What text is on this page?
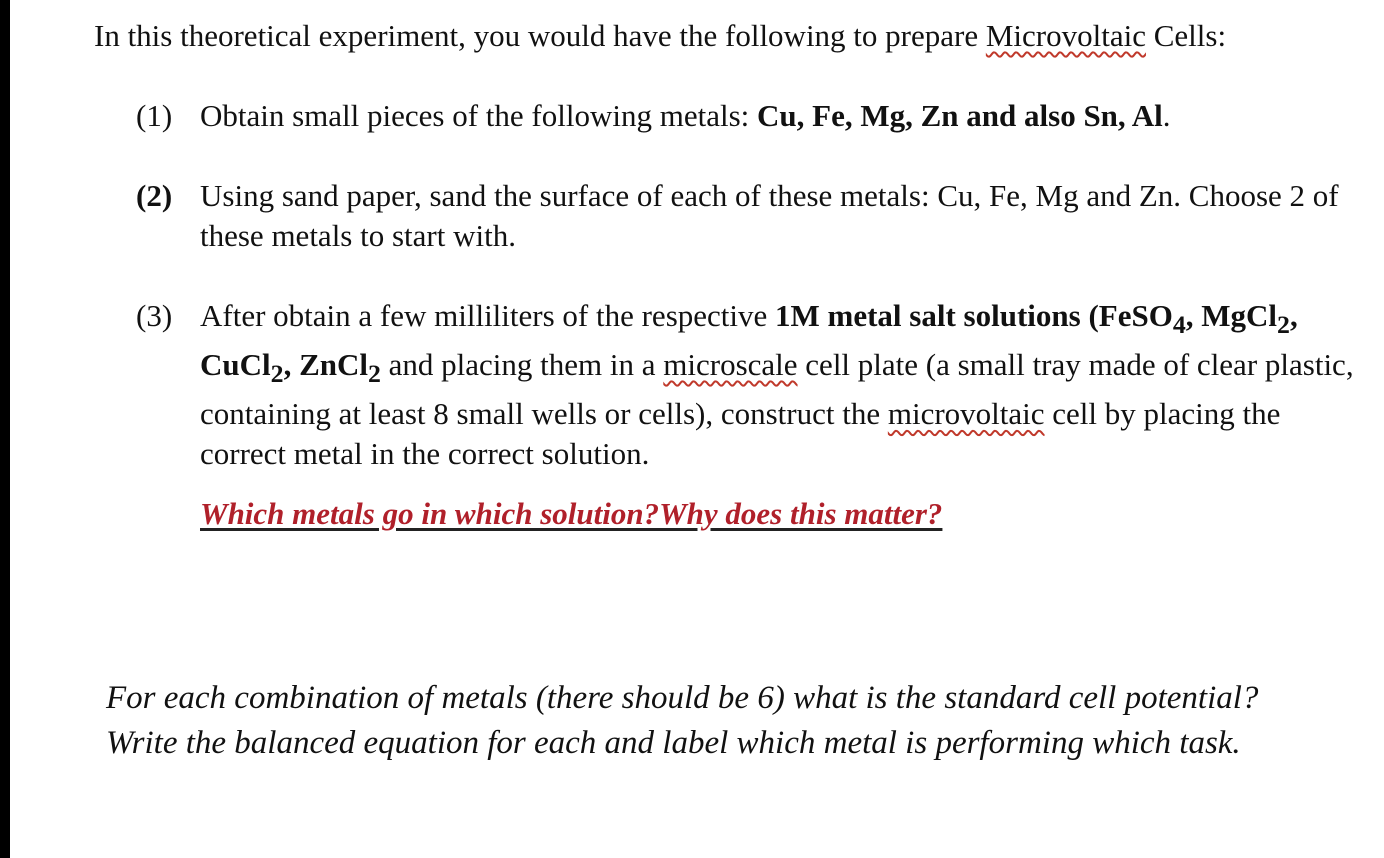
In this theoretical experiment, you would have the following to prepare Microvoltaic Cells:
(1) Obtain small pieces of the following metals: Cu, Fe, Mg, Zn and also Sn, Al.
(2) Using sand paper, sand the surface of each of these metals: Cu, Fe, Mg and Zn. Choose 2 of these metals to start with.
(3) After obtain a few milliliters of the respective 1M metal salt solutions (FeSO$_4$, MgCl$_2$, CuCl$_2$, ZnCl$_2$ and placing them in a microscale cell plate (a small tray made of clear plastic, containing at least 8 small wells or cells), construct the microvoltaic cell by placing the correct metal in the correct solution.
Which metals go in which solution?Why does this matter?
For each combination of metals (there should be 6) what is the standard cell potential? Write the balanced equation for each and label which metal is performing which task.
